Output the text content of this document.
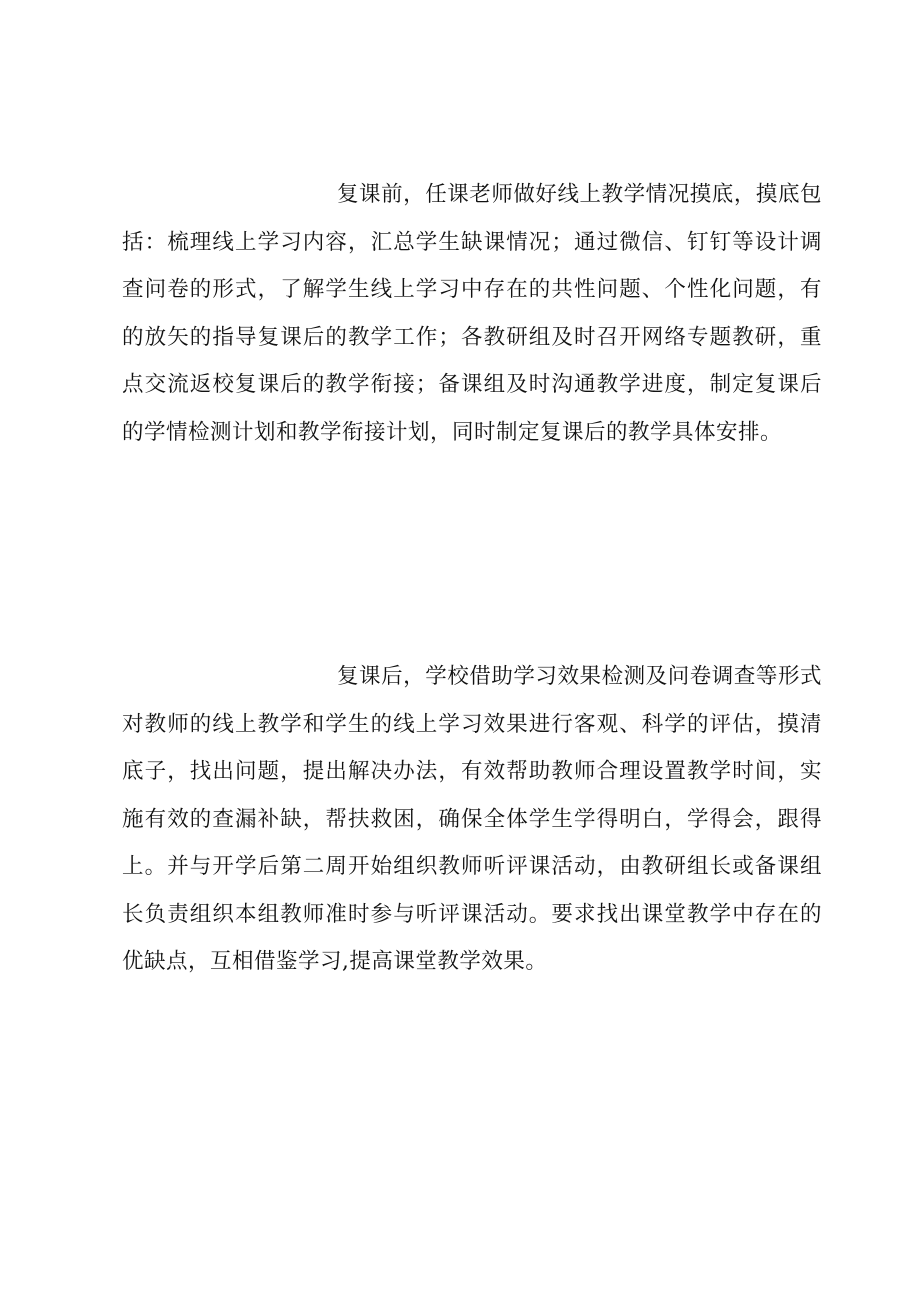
复课前，任课老师做好线上教学情况摸底，摸底包括：梳理线上学习内容，汇总学生缺课情况；通过微信、钉钉等设计调查问卷的形式，了解学生线上学习中存在的共性问题、个性化问题，有的放矢的指导复课后的教学工作；各教研组及时召开网络专题教研，重点交流返校复课后的教学衔接；备课组及时沟通教学进度，制定复课后的学情检测计划和教学衔接计划，同时制定复课后的教学具体安排。

复课后，学校借助学习效果检测及问卷调查等形式对教师的线上教学和学生的线上学习效果进行客观、科学的评估，摸清底子，找出问题，提出解决办法，有效帮助教师合理设置教学时间，实施有效的查漏补缺，帮扶救困，确保全体学生学得明白，学得会，跟得上。并与开学后第二周开始组织教师听评课活动，由教研组长或备课组长负责组织本组教师准时参与听评课活动。要求找出课堂教学中存在的优缺点，互相借鉴学习,提高课堂教学效果。
